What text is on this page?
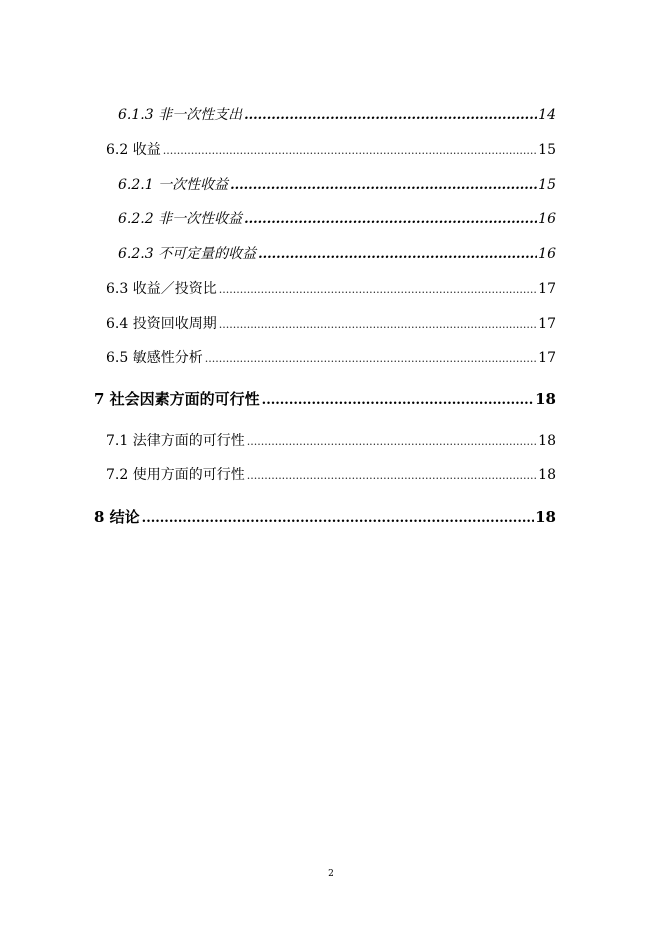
6.1.3 非一次性支出 .....	14
6.2 收益 .....	15
6.2.1 一次性收益 .....	15
6.2.2 非一次性收益 .....	16
6.2.3 不可定量的收益 .....	16
6.3 收益／投资比 .....	17
6.4 投资回收周期 .....	17
6.5 敏感性分析 .....	17
7 社会因素方面的可行性 .....	18
7.1 法律方面的可行性 .....	18
7.2 使用方面的可行性 .....	18
8 结论 .....	18
2
